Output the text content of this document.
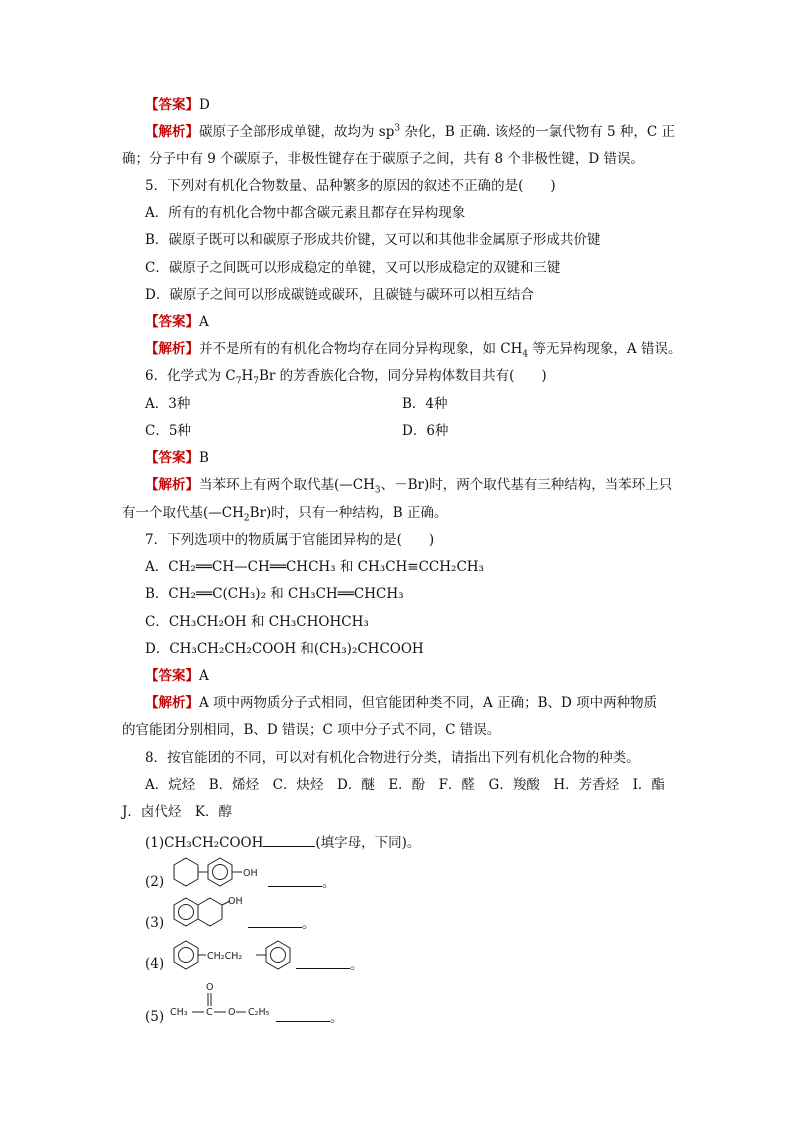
【答案】D
【解析】碳原子全部形成单键，故均为 $sp^3$ 杂化，B 正确. 该烃的一氯代物有 5 种，C 正
确；分子中有 9 个碳原子，非极性键存在于碳原子之间，共有 8 个非极性键，D 错误。
5．下列对有机化合物数量、品种繁多的原因的叙述不正确的是(　　)
A．所有的有机化合物中都含碳元素且都存在异构现象
B．碳原子既可以和碳原子形成共价键，又可以和其他非金属原子形成共价键
C．碳原子之间既可以形成稳定的单键，又可以形成稳定的双键和三键
D．碳原子之间可以形成碳链或碳环，且碳链与碳环可以相互结合
【答案】A
【解析】并不是所有的有机化合物均存在同分异构现象，如 $CH_4$ 等无异构现象，A 错误。
6．化学式为 $C_7H_7Br$ 的芳香族化合物，同分异构体数目共有(　　)
A．3种	B．4种
C．5种	D．6种
【答案】B
【解析】当苯环上有两个取代基($—CH_3$、－Br)时，两个取代基有三种结构，当苯环上只
有一个取代基$(—CH_2Br)$时，只有一种结构，B 正确。
7．下列选项中的物质属于官能团异构的是(　　)
A．CH₂══CH—CH══CHCH₃ 和 CH₃CH≡CCH₂CH₃
B．CH₂══C(CH₃)₂ 和 CH₃CH══CHCH₃
C．CH₃CH₂OH 和 CH₃CHOHCH₃
D．CH₃CH₂CH₂COOH 和(CH₃)₂CHCOOH
【答案】A
【解析】A 项中两物质分子式相同，但官能团种类不同，A 正确；B、D 项中两种物质
的官能团分别相同，B、D 错误；C 项中分子式不同，C 错误。
8．按官能团的不同，可以对有机化合物进行分类，请指出下列有机化合物的种类。
A．烷烃　B．烯烃　C．炔烃　D．醚　E．酚　F．醛　G．羧酸　H．芳香烃　I．酯
J．卤代烃　K．醇
(1)CH₃CH₂COOH	(填字母，下同)。
(2)
OH
。
(3)
OH
。
(4)	CH₂CH₂
。
(5)
O
CH₃ C O C₂H₅	。
